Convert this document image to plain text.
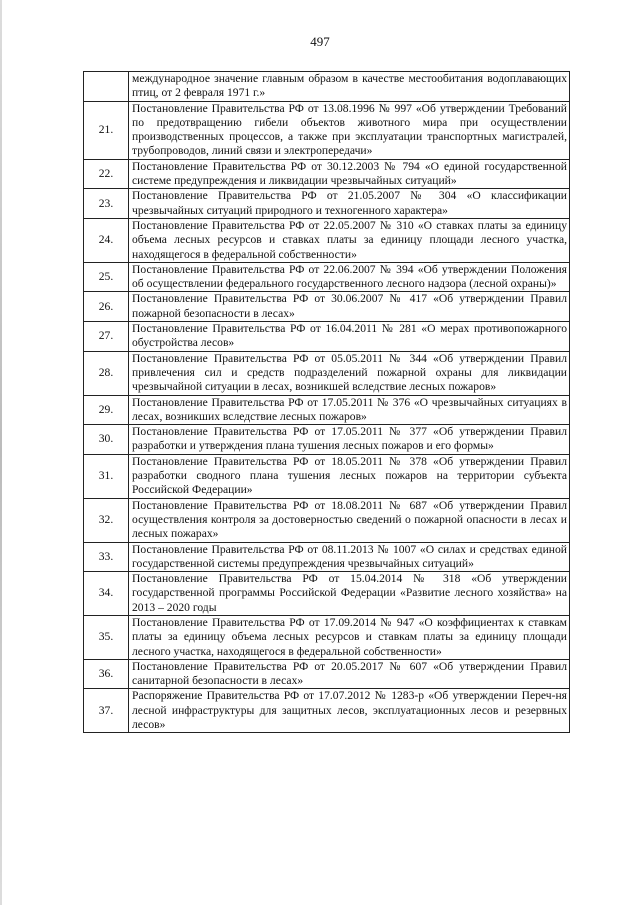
497
	международное значение главным образом в качестве местообитания водоплавающих птиц, от 2 февраля 1971 г.»
21.	Постановление Правительства РФ от 13.08.1996 № 997 «Об утверждении Требований по предотвращению гибели объектов животного мира при осуществлении производственных процессов, а также при эксплуатации транспортных магистралей, трубопроводов, линий связи и электропередачи»
22.	Постановление Правительства РФ от 30.12.2003 № 794 «О единой государственной системе предупреждения и ликвидации чрезвычайных ситуаций»
23.	Постановление Правительства РФ от 21.05.2007 № 304 «О классификации чрезвычайных ситуаций природного и техногенного характера»
24.	Постановление Правительства РФ от 22.05.2007 № 310 «О ставках платы за единицу объема лесных ресурсов и ставках платы за единицу площади лесного участка, находящегося в федеральной собственности»
25.	Постановление Правительства РФ от 22.06.2007 № 394 «Об утверждении Положения об осуществлении федерального государственного лесного надзора (лесной охраны)»
26.	Постановление Правительства РФ от 30.06.2007 № 417 «Об утверждении Правил пожарной безопасности в лесах»
27.	Постановление Правительства РФ от 16.04.2011 № 281 «О мерах противопожарного обустройства лесов»
28.	Постановление Правительства РФ от 05.05.2011 № 344 «Об утверждении Правил привлечения сил и средств подразделений пожарной охраны для ликвидации чрезвычайной ситуации в лесах, возникшей вследствие лесных пожаров»
29.	Постановление Правительства РФ от 17.05.2011 № 376 «О чрезвычайных ситуациях в лесах, возникших вследствие лесных пожаров»
30.	Постановление Правительства РФ от 17.05.2011 № 377 «Об утверждении Правил разработки и утверждения плана тушения лесных пожаров и его формы»
31.	Постановление Правительства РФ от 18.05.2011 № 378 «Об утверждении Правил разработки сводного плана тушения лесных пожаров на территории субъекта Российской Федерации»
32.	Постановление Правительства РФ от 18.08.2011 № 687 «Об утверждении Правил осуществления контроля за достоверностью сведений о пожарной опасности в лесах и лесных пожарах»
33.	Постановление Правительства РФ от 08.11.2013 № 1007 «О силах и средствах единой государственной системы предупреждения чрезвычайных ситуаций»
34.	Постановление Правительства РФ от 15.04.2014 № 318 «Об утверждении государственной программы Российской Федерации «Развитие лесного хозяйства» на 2013 – 2020 годы
35.	Постановление Правительства РФ от 17.09.2014 № 947 «О коэффициентах к ставкам платы за единицу объема лесных ресурсов и ставкам платы за единицу площади лесного участка, находящегося в федеральной собственности»
36.	Постановление Правительства РФ от 20.05.2017 № 607 «Об утверждении Правил санитарной безопасности в лесах»
37.	Распоряжение Правительства РФ от 17.07.2012 № 1283-р «Об утверждении Переч-ня лесной инфраструктуры для защитных лесов, эксплуатационных лесов и резервных лесов»
